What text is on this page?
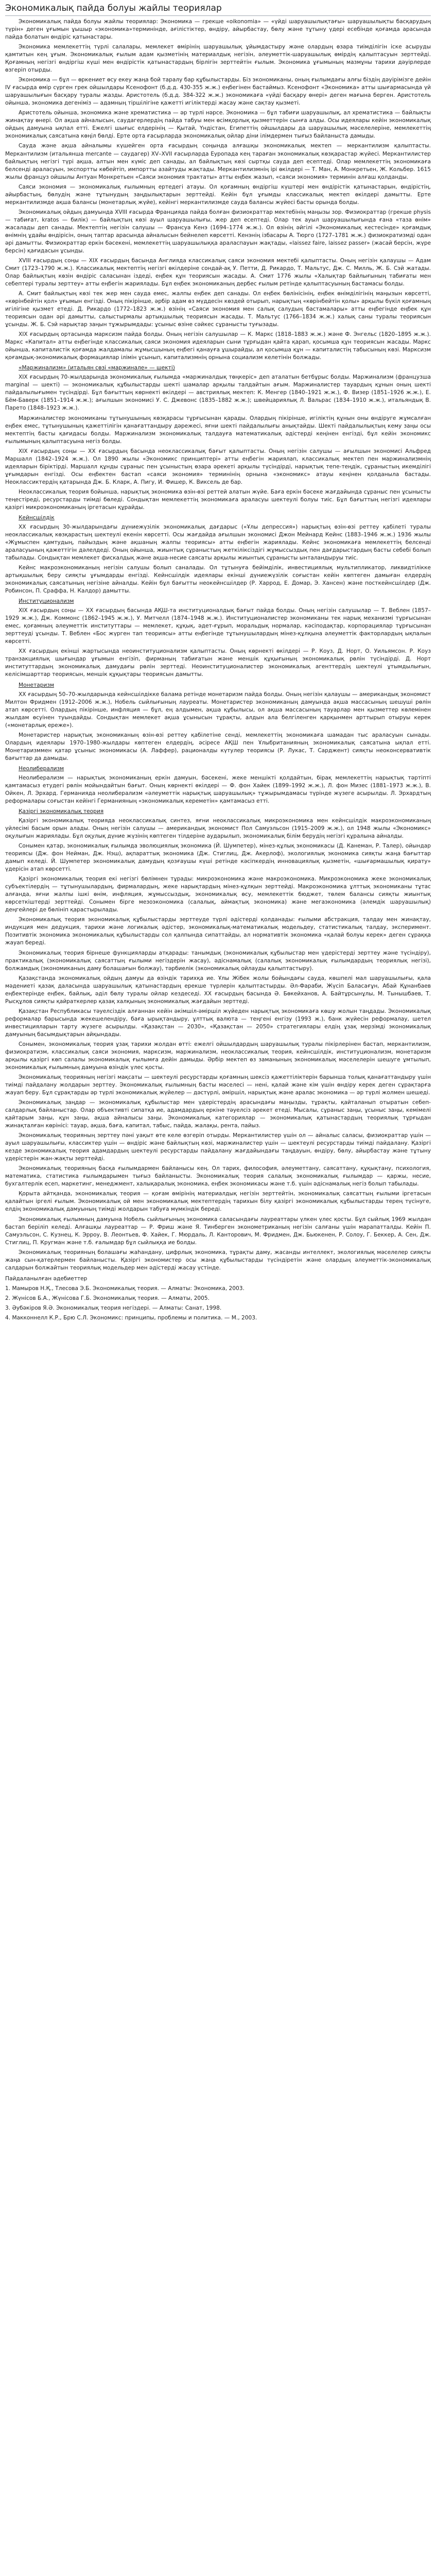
Экономикалық пайда болуы жайлы теориялар

Экономикалық пайда болуы жайлы теориялар: Экономика — грекше «oikonomia» — «үйді шаруашылықтағы» шаруашылықты басқарудың түрін» деген ұғымын ұышыр «экономика»терминінде, ағілістіктер, өндіру, айырбастау, бөлу және тұтыну үдері есебінде қоғамда арасында пайда болатын өндіріс қатынастары.

Экономика мемлекеттің түрлі салалары, мемлекет өмірінің шаруашылық ұйымдастыру және олардың өзара тиімділігін іске асыруды қамтитын кең ұғым. Экономикалық ғылым адам қызметінің материалдық негізін, әлеуметтік-шаруашылық өмірдің қалыптасуын зерттейді. Қоғамның негізгі өндіргіш күші мен өндірістік қатынастардың бірлігін зерттейтін ғылым. Экономика ұғымының мазмұны тарихи дәуірлерде өзгеріп отырды.

Экономика — бұл — өркениет өсу екеу жаңа бой таралу бар құбылыстарды. Біз экономиканы, оның ғылымдағы алғы біздің дәуірімізге дейін IV ғасырда өмір сүрген грек ойшылдары Ксенофонт (б.д.д. 430-355 ж.ж.) еңбегінен бастаймыз. Ксенофонт «Экономика» атты шығармасында үй шаруашылығын басқару туралы жазды. Аристотель (б.д.д. 384-322 ж.ж.) экономикаға «үйді басқару өнері» деген мағына берген. Аристотель ойынша, экономика дегеніміз — адамның тіршілігіне қажетті игіліктерді жасау және сақтау қызметі.

Аристотель ойынша, экономика және хрематистика — әр түрлі нәрсе. Экономика — бұл табиғи шаруашылық, ал хрематистика — байлықты жинақтау өнері. Ол ақша айналысын, саудагерлердің пайда табуы мен өсімқорлық қызметтерін сынға алды. Осы идеялары кейін экономикалық ойдың дамуына ықпал етті. Ежелгі шығыс елдерінің — Қытай, Үндістан, Египеттің ойшылдары да шаруашылық мәселелеріне, мемлекеттің экономикалық саясатына көңіл бөлді. Ерте орта ғасырларда экономикалық ойлар діни ілімдермен тығыз байланыста дамыды.

Сауда және ақша айналымы күшейген орта ғасырдың соңында алғашқы экономикалық мектеп — меркантилизм қалыптасты. Меркантилизм (итальянша mercante — саудагер) XV–XVII ғасырларда Еуропада кең тараған экономикалық көзқарастар жүйесі. Меркантилистер байлықтың негізгі түрі ақша, алтын мен күміс деп санады, ал байлықтың көзі сыртқы сауда деп есептеді. Олар мемлекеттің экономикаға белсенді араласуын, экспортты көбейтіп, импортты азайтуды жақтады. Меркантилизмнің ірі өкілдері — Т. Ман, А. Монкретьен, Ж. Кольбер. 1615 жылы француз ойшылы Антуан Монкретьен «Саяси экономия трактаты» атты еңбек жазып, «саяси экономия» терминін алғаш қолданды.

Саяси экономия — экономикалық ғылымның ертедегі атауы. Ол қоғамның өндіргіш күштері мен өндірістік қатынастарын, өндірістің, айырбастың, бөлудің және тұтынудың заңдылықтарын зерттейді. Кейін бұл ұғымды классикалық мектеп өкілдері дамытты. Ерте меркантилизмде ақша балансы (монетарлық жүйе), кейінгі меркантилизмде сауда балансы жүйесі басты орында болды.

Экономикалық ойдың дамуында XVIII ғасырда Францияда пайда болған физиократтар мектебінің маңызы зор. Физиократтар (грекше physis — табиғат, kratos — билік) — байлықтың көзі ауыл шаруашылығы, жер деп есептеді. Олар тек ауыл шаруашылығында ғана «таза өнім» жасалады деп санады. Мектептің негізін салушы — Франсуа Кенэ (1694–1774 ж.ж.). Ол өзінің әйгілі «Экономикалық кестесінде» қоғамдық өнімнің ұдайы өндірісін, оның таптар арасында айналысын бейнелеп көрсетті. Кенэнің ізбасары А. Тюрго (1727–1781 ж.ж.) физиократизмді одан әрі дамытты. Физиократтар еркін бәсекені, мемлекеттің шаруашылыққа араласпауын жақтады, «laissez faire, laissez passer» (жасай берсін, жүре берсін) қағидасын ұсынды.

XVIII ғасырдың соңы — XIX ғасырдың басында Англияда классикалық саяси экономия мектебі қалыптасты. Оның негізін қалаушы — Адам Смит (1723–1790 ж.ж.). Классикалық мектептің негізгі өкілдеріне сондай-ақ У. Петти, Д. Рикардо, Т. Мальтус, Дж. С. Милль, Ж. Б. Сэй жатады. Олар байлықтың көзін өндіріс саласынан іздеді, еңбек құн теориясын жасады. А. Смит 1776 жылы «Халықтар байлығының табиғаты мен себептері туралы зерттеу» атты еңбегін жариялады. Бұл еңбек экономиканың дербес ғылым ретінде қалыптасуының бастамасы болды.

А. Смит байлықтың көзі тек жер мен сауда емес, жалпы еңбек деп санады. Ол еңбек бөлінісінің, еңбек өнімділігінің маңызын көрсетті, «көрінбейтін қол» ұғымын енгізді. Оның пікірінше, әрбір адам өз мүддесін көздей отырып, нарықтың «көрінбейтін қолы» арқылы бүкіл қоғамның игілігіне қызмет етеді. Д. Рикардо (1772–1823 ж.ж.) өзінің «Саяси экономия мен салық салудың бастамалары» атты еңбегінде еңбек құн теориясын одан әрі дамытты, салыстырмалы артықшылық теориясын жасады. Т. Мальтус (1766–1834 ж.ж.) халық саны туралы теориясын ұсынды. Ж. Б. Сэй нарықтар заңын тұжырымдады: ұсыныс өзіне сәйкес сұранысты туғызады.

XIX ғасырдың ортасында марксизм пайда болды. Оның негізін салушылар — К. Маркс (1818–1883 ж.ж.) және Ф. Энгельс (1820–1895 ж.ж.). Маркс «Капитал» атты еңбегінде классикалық саяси экономия идеяларын сыни тұрғыдан қайта қарап, қосымша құн теориясын жасады. Маркс ойынша, капиталистік қоғамда жалдамалы жұмысшының еңбегі қанауға ұшырайды, ал қосымша құн — капиталистің табысының көзі. Марксизм қоғамдық-экономикалық формациялар ілімін ұсынып, капитализмнің орнына социализм келетінін болжады.

«Маржинализм» (итальян сөзі «маржинале» — шекті)

XIX ғасырдың 70-жылдарында экономикалық ғылымда «маржиналдық төңкеріс» деп аталатын бетбұрыс болды. Маржинализм (французша marginal — шекті) — экономикалық құбылыстарды шекті шамалар арқылы талдайтын ағым. Маржиналистер тауардың құнын оның шекті пайдалылығымен түсіндірді. Бұл бағыттың көрнекті өкілдері — австриялық мектеп: К. Менгер (1840–1921 ж.ж.), Ф. Визер (1851–1926 ж.ж.), Е. Бём-Баверк (1851–1914 ж.ж.); ағылшын экономисі У. С. Джевонс (1835–1882 ж.ж.); швейцариялық Л. Вальрас (1834–1910 ж.ж.), итальяндық В. Парето (1848–1923 ж.ж.).

Маржиналистер экономиканы тұтынушының көзқарасы тұрғысынан қарады. Олардың пікірінше, игіліктің құнын оны өндіруге жұмсалған еңбек емес, тұтынушының қажеттілігін қанағаттандыру дәрежесі, яғни шекті пайдалылығы анықтайды. Шекті пайдалылықтың кему заңы осы мектептің басты қағидасы болды. Маржинализм экономикалық талдауға математикалық әдістерді кеңінен енгізді, бұл кейін экономикс ғылымының қалыптасуына негіз болды.

XIX ғасырдың соңы — XX ғасырдың басында неоклассикалық бағыт қалыптасты. Оның негізін салушы — ағылшын экономисі Альфред Маршалл (1842–1924 ж.ж.). Ол 1890 жылы «Экономикс принциптері» атты еңбегін жариялап, классикалық мектеп пен маржинализмнің идеяларын біріктірді. Маршалл құнды сұраныс пен ұсыныстың өзара әрекеті арқылы түсіндірді, нарықтық тепе-теңдік, сұраныстың икемділігі ұғымдарын енгізді. Осы еңбектен бастап «саяси экономия» терминінің орнына «экономикс» атауы кеңінен қолданыла бастады. Неоклассиктердің қатарында Дж. Б. Кларк, А. Пигу, И. Фишер, К. Виксель де бар.

Неоклассикалық теория бойынша, нарықтық экономика өзін-өзі реттей алатын жүйе. Баға еркін бәсеке жағдайында сұраныс пен ұсынысты теңестіреді, ресурстарды тиімді бөледі. Сондықтан мемлекеттің экономикаға араласуы шектеулі болуы тиіс. Бұл бағыттың негізгі идеялары қазіргі микроэкономиканың іргетасын құрайды.

Кейнсшілдік

XX ғасырдың 30-жылдарындағы дүниежүзілік экономикалық дағдарыс («Ұлы депрессия») нарықтың өзін-өзі реттеу қабілеті туралы неоклассикалық көзқарастың шектеулі екенін көрсетті. Осы жағдайда ағылшын экономисі Джон Мейнард Кейнс (1883–1946 ж.ж.) 1936 жылы «Жұмыспен қамтудың, пайыздың және ақшаның жалпы теориясы» атты еңбегін жариялады. Кейнс экономикаға мемлекеттің белсенді араласуының қажеттігін дәлелдеді. Оның ойынша, жиынтық сұраныстың жеткіліксіздігі жұмыссыздық пен дағдарыстардың басты себебі болып табылады. Сондықтан мемлекет фискалдық және ақша-несие саясаты арқылы жиынтық сұранысты ынталандыруы тиіс.

Кейнс макроэкономиканың негізін салушы болып саналады. Ол тұтынуға бейімділік, инвестициялық мультипликатор, ликвидтілікке артықшылық беру сияқты ұғымдарды енгізді. Кейнсшілдік идеялары екінші дүниежүзілік соғыстан кейін көптеген дамыған елдердің экономикалық саясатының негізіне айналды. Кейін бұл бағытты неокейнсшілдер (Р. Харрод, Е. Домар, Э. Хансен) және посткейнсшілдер (Дж. Робинсон, П. Сраффа, Н. Калдор) дамытты.

Институционализм

XIX ғасырдың соңы — XX ғасырдың басында АҚШ-та институционалдық бағыт пайда болды. Оның негізін салушылар — Т. Веблен (1857–1929 ж.ж.), Дж. Коммонс (1862–1945 ж.ж.), У. Митчелл (1874–1948 ж.ж.). Институционалистер экономиканы тек нарық механизмі тұрғысынан емес, қоғамның әлеуметтік институттары — мемлекет, құқық, әдет-ғұрып, моральдық нормалар, кәсіподақтар, корпорациялар тұрғысынан зерттеуді ұсынды. Т. Веблен «Бос жүрген тап теориясы» атты еңбегінде тұтынушылардың мінез-құлқына әлеуметтік факторлардың ықпалын көрсетті.

XX ғасырдың екінші жартысында неоинституционализм қалыптасты. Оның көрнекті өкілдері — Р. Коуз, Д. Норт, О. Уильямсон. Р. Коуз транзакциялық шығындар ұғымын енгізіп, фирманың табиғатын және меншік құқығының экономикалық рөлін түсіндірді. Д. Норт институттардың экономикалық дамудағы рөлін зерттеді. Неоинституционалистер экономикалық агенттердің шектеулі ұтымдылығын, келісімшарттар теориясын, меншік құқықтары теориясын дамытты.

Монетаризм

XX ғасырдың 50–70-жылдарында кейнсшілдікке балама ретінде монетаризм пайда болды. Оның негізін қалаушы — американдық экономист Милтон Фридмен (1912–2006 ж.ж.), Нобель сыйлығының лауреаты. Монетаристер экономиканың дамуында ақша массасының шешуші рөлін атап көрсетті. Олардың пікірінше, инфляция — бұл, ең алдымен, ақша құбылысы, ол ақша массасының тауарлар мен қызметтер көлемінен жылдам өсуінен туындайды. Сондықтан мемлекет ақша ұсынысын тұрақты, алдын ала белгіленген қарқынмен арттырып отыруы керек («монетарлық ереже»).

Монетаристер нарықтық экономиканың өзін-өзі реттеу қабілетіне сенді, мемлекеттің экономикаға шамадан тыс араласуын сынады. Олардың идеялары 1970–1980-жылдары көптеген елдердің, әсіресе АҚШ пен Ұлыбританияның экономикалық саясатына ықпал етті. Монетаризммен қатар ұсыныс экономикасы (А. Лаффер), рационалды күтулер теориясы (Р. Лукас, Т. Сарджент) сияқты неоконсервативтік бағыттар да дамыды.

Неолиберализм

Неолиберализм — нарықтық экономиканың еркін дамуын, бәсекені, жеке меншікті қолдайтын, бірақ мемлекеттің нарықтық тәртіпті қамтамасыз етудегі рөлін мойындайтын бағыт. Оның көрнекті өкілдері — Ф. фон Хайек (1899–1992 ж.ж.), Л. фон Мизес (1881–1973 ж.ж.), В. Ойкен, Л. Эрхард. Германияда неолиберализм «әлеуметтік нарықтық шаруашылық» тұжырымдамасы түрінде жүзеге асырылды. Л. Эрхардтың реформалары соғыстан кейінгі Германияның «экономикалық кереметін» қамтамасыз етті.

Қазіргі экономикалық теория

Қазіргі экономикалық теорияда неоклассикалық синтез, яғни неоклассикалық микроэкономика мен кейнсшілдік макроэкономиканың үйлесімі басым орын алады. Оның негізін салушы — американдық экономист Пол Самуэльсон (1915–2009 ж.ж.), ол 1948 жылы «Экономикс» оқулығын жариялады. Бұл оқулық дүние жүзінің көптеген тілдеріне аударылып, экономикалық білім берудің негізгі құралына айналды.

Сонымен қатар, экономикалық ғылымда эволюциялық экономика (Й. Шумпетер), мінез-құлық экономикасы (Д. Канеман, Р. Талер), ойындар теориясы (Дж. фон Нейман, Дж. Нэш), ақпараттық экономика (Дж. Стиглиц, Дж. Акерлоф), экологиялық экономика сияқты жаңа бағыттар дамып келеді. Й. Шумпетер экономикалық дамудың қозғаушы күші ретінде кәсіпкердің инновациялық қызметін, «шығармашылық қирату» үдерісін атап көрсетті.

Қазіргі экономикалық теория екі негізгі бөлімнен тұрады: микроэкономика және макроэкономика. Микроэкономика жеке экономикалық субъектілердің — тұтынушылардың, фирмалардың, жеке нарықтардың мінез-құлқын зерттейді. Макроэкономика ұлттық экономиканы тұтас алғанда, яғни жалпы ішкі өнім, инфляция, жұмыссыздық, экономикалық өсу, мемлекеттік бюджет, төлем балансы сияқты жиынтық көрсеткіштерді зерттейді. Сонымен бірге мезоэкономика (салалық, аймақтық экономика) және мегаэкономика (әлемдік шаруашылық) деңгейлері де бөлініп қарастырылады.

Экономикалық теория экономикалық құбылыстарды зерттеуде түрлі әдістерді қолданады: ғылыми абстракция, талдау мен жинақтау, индукция мен дедукция, тарихи және логикалық әдістер, экономикалық-математикалық модельдеу, статистикалық талдау, эксперимент. Позитивтік экономика экономикалық құбылыстарды сол қалпында сипаттайды, ал нормативтік экономика «қалай болуы керек» деген сұраққа жауап береді.

Экономикалық теория бірнеше функцияларды атқарады: танымдық (экономикалық құбылыстар мен үдерістерді зерттеу және түсіндіру), практикалық (экономикалық саясаттың ғылыми негіздерін жасау), әдіснамалық (салалық экономикалық ғылымдардың теориялық негізі), болжамдық (экономиканың даму болашағын болжау), тәрбиелік (экономикалық ойлауды қалыптастыру).

Қазақстанда экономикалық ойдың дамуы да өзіндік тарихқа ие. Ұлы Жібек жолы бойындағы сауда, көшпелі мал шаруашылығы, қала мәдениеті қазақ даласында шаруашылық қатынастардың ерекше түрлерін қалыптастырды. Әл-Фараби, Жүсіп Баласағұн, Абай Құнанбаев еңбектерінде еңбек, байлық, әділ бөлу туралы ойлар кездеседі. XX ғасырдың басында Ә. Бөкейханов, А. Байтұрсынұлы, М. Тынышбаев, Т. Рысқұлов сияқты қайраткерлер қазақ халқының экономикалық жағдайын зерттеді.

Қазақстан Республикасы тәуелсіздік алғаннан кейін әкімшіл-әміршіл жүйеден нарықтық экономикаға көшу жолын таңдады. Экономикалық реформалар барысында жекешелендіру, баға ырықтандыру, ұлттық валюта — теңгені енгізу (1993 ж.), банк жүйесін реформалау, шетел инвестицияларын тарту жүзеге асырылды. «Қазақстан — 2030», «Қазақстан — 2050» стратегиялары елдің ұзақ мерзімді экономикалық дамуының басымдықтарын айқындады.

Сонымен, экономикалық теория ұзақ тарихи жолдан өтті: ежелгі ойшылдардың шаруашылық туралы пікірлерінен бастап, меркантилизм, физиократизм, классикалық саяси экономия, марксизм, маржинализм, неоклассикалық теория, кейнсшілдік, институционализм, монетаризм арқылы қазіргі көп салалы экономикалық ғылымға дейін дамыды. Әрбір мектеп өз заманының экономикалық мәселелерін шешуге ұмтылып, экономикалық ғылымның дамуына өзіндік үлес қосты.

Экономикалық теорияның негізгі мақсаты — шектеулі ресурстарды қоғамның шексіз қажеттіліктерін барынша толық қанағаттандыру үшін тиімді пайдалану жолдарын зерттеу. Экономикалық ғылымның басты мәселесі — нені, қалай және кім үшін өндіру керек деген сұрақтарға жауап беру. Бұл сұрақтарды әр түрлі экономикалық жүйелер — дәстүрлі, әміршіл, нарықтық және аралас экономика — әр түрлі жолмен шешеді.

Экономикалық заңдар — экономикалық құбылыстар мен үдерістердің арасындағы маңызды, тұрақты, қайталанып отыратын себеп-салдарлық байланыстар. Олар объективті сипатқа ие, адамдардың еркіне тәуелсіз әрекет етеді. Мысалы, сұраныс заңы, ұсыныс заңы, кемімелі қайтарым заңы, құн заңы, ақша айналысы заңы. Экономикалық категориялар — экономикалық қатынастардың теориялық тұрғыдан жинақталған көрінісі: тауар, ақша, баға, капитал, табыс, пайда, жалақы, рента, пайыз.

Экономикалық теорияның зерттеу пәні уақыт өте келе өзгеріп отырды. Меркантилистер үшін ол — айналыс саласы, физиократтар үшін — ауыл шаруашылығы, классиктер үшін — өндіріс және байлықтың көзі, маржиналистер үшін — шектеулі ресурстарды тиімді пайдалану. Қазіргі кезде экономикалық теория адамдардың шектеулі ресурстарды пайдалану жағдайындағы таңдауын, өндіру, бөлу, айырбастау және тұтыну үдерістерін жан-жақты зерттейді.

Экономикалық теорияның басқа ғылымдармен байланысы кең. Ол тарих, философия, әлеуметтану, саясаттану, құқықтану, психология, математика, статистика ғылымдарымен тығыз байланысты. Экономикалық теория салалық экономикалық ғылымдар — қаржы, несие, бухгалтерлік есеп, маркетинг, менеджмент, халықаралық экономика, еңбек экономикасы және т.б. үшін әдіснамалық негіз болып табылады.

Қорыта айтқанда, экономикалық теория — қоғам өмірінің материалдық негізін зерттейтін, экономикалық саясаттың ғылыми іргетасын қалайтын іргелі ғылым. Экономикалық ой мен экономикалық мектептердің тарихын білу қазіргі экономикалық құбылыстарды терең түсінуге, елдің экономикалық дамуының тиімді жолдарын табуға мүмкіндік береді.

Экономикалық ғылымның дамуына Нобель сыйлығының экономика саласындағы лауреаттары үлкен үлес қосты. Бұл сыйлық 1969 жылдан бастап беріліп келеді. Алғашқы лауреаттар — Р. Фриш және Я. Тинберген эконометриканың негізін салғаны үшін марапатталды. Кейін П. Самуэльсон, С. Кузнец, К. Эрроу, В. Леонтьев, Ф. Хайек, Г. Мюрдаль, Л. Канторович, М. Фридмен, Дж. Бьюкенен, Р. Солоу, Г. Беккер, А. Сен, Дж. Стиглиц, П. Кругман және т.б. ғалымдар бұл сыйлыққа ие болды.

Экономикалық теорияның болашағы жаһандану, цифрлық экономика, тұрақты даму, жасанды интеллект, экологиялық мәселелер сияқты жаңа сын-қатерлермен байланысты. Қазіргі экономистер осы жаңа құбылыстарды түсіндіретін және олардың әлеуметтік-экономикалық салдарын болжайтын теориялық модельдер мен әдістерді жасау үстінде.

Пайдаланылған әдебиеттер

1. Мамыров Н.Қ., Тлесова Э.Б. Экономикалық теория. — Алматы: Экономика, 2003.

2. Жүнісов Б.А., Жүнісова Г.Б. Экономикалық теория. — Алматы, 2005.

3. Әубәкіров Я.Ә. Экономикалық теория негіздері. — Алматы: Санат, 1998.

4. Макконнелл К.Р., Брю С.Л. Экономикс: принципы, проблемы и политика. — М., 2003.
